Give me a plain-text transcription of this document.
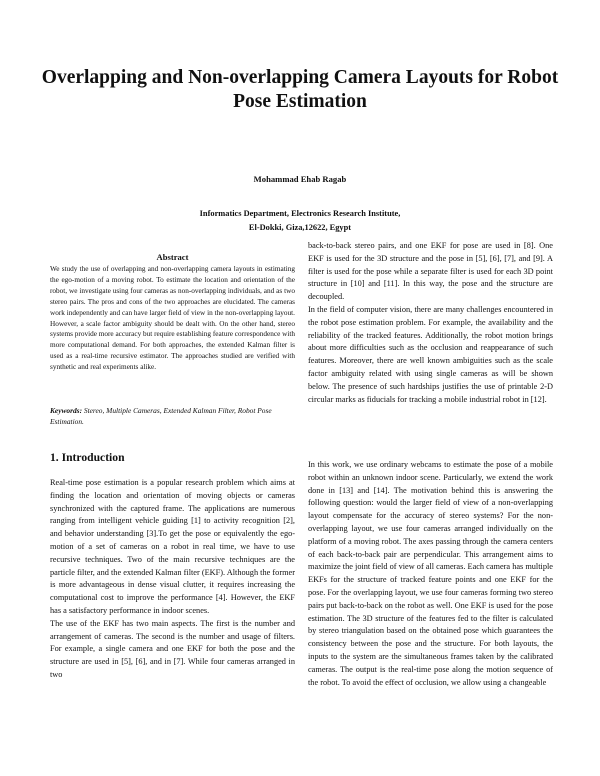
Overlapping and Non-overlapping Camera Layouts for Robot Pose Estimation
Mohammad Ehab Ragab
Informatics Department, Electronics Research Institute,
El-Dokki, Giza,12622, Egypt
Abstract

We study the use of overlapping and non-overlapping camera layouts in estimating the ego-motion of a moving robot. To estimate the location and orientation of the robot, we investigate using four cameras as non-overlapping individuals, and as two stereo pairs. The pros and cons of the two approaches are elucidated. The cameras work independently and can have larger field of view in the non-overlapping layout. However, a scale factor ambiguity should be dealt with. On the other hand, stereo systems provide more accuracy but require establishing feature correspondence with more computational demand. For both approaches, the extended Kalman filter is used as a real-time recursive estimator. The approaches studied are verified with synthetic and real experiments alike.

Keywords: Stereo, Multiple Cameras, Extended Kalman Filter, Robot Pose Estimation.

1. Introduction

Real-time pose estimation is a popular research problem which aims at finding the location and orientation of moving objects or cameras synchronized with the captured frame. The applications are numerous ranging from intelligent vehicle guiding [1] to activity recognition [2], and behavior understanding [3].To get the pose or equivalently the ego-motion of a set of cameras on a robot in real time, we have to use recursive techniques. Two of the main recursive techniques are the particle filter, and the extended Kalman filter (EKF). Although the former is more advantageous in dense visual clutter, it requires increasing the computational cost to improve the performance [4]. However, the EKF has a satisfactory performance in indoor scenes.

The use of the EKF has two main aspects. The first is the number and arrangement of cameras. The second is the number and usage of filters. For example, a single camera and one EKF for both the pose and the structure are used in [5], [6], and in [7]. While four cameras arranged in two

back-to-back stereo pairs, and one EKF for pose are used in [8]. One EKF is used for the 3D structure and the pose in [5], [6], [7], and [9]. A filter is used for the pose while a separate filter is used for each 3D point structure in [10] and [11]. In this way, the pose and the structure are decoupled.

In the field of computer vision, there are many challenges encountered in the robot pose estimation problem. For example, the availability and the reliability of the tracked features. Additionally, the robot motion brings about more difficulties such as the occlusion and reappearance of such features. Moreover, there are well known ambiguities such as the scale factor ambiguity related with using single cameras as will be shown below. The presence of such hardships justifies the use of printable 2-D circular marks as fiducials for tracking a mobile industrial robot in [12].

In this work, we use ordinary webcams to estimate the pose of a mobile robot within an unknown indoor scene. Particularly, we extend the work done in [13] and [14]. The motivation behind this is answering the following question: would the larger field of view of a non-overlapping layout compensate for the accuracy of stereo systems? For the non-overlapping layout, we use four cameras arranged individually on the platform of a moving robot. The axes passing through the camera centers of each back-to-back pair are perpendicular. This arrangement aims to maximize the joint field of view of all cameras. Each camera has multiple EKFs for the structure of tracked feature points and one EKF for the pose. For the overlapping layout, we use four cameras forming two stereo pairs put back-to-back on the robot as well. One EKF is used for the pose estimation. The 3D structure of the features fed to the filter is calculated by stereo triangulation based on the obtained pose which guarantees the consistency between the pose and the structure. For both layouts, the inputs to the system are the simultaneous frames taken by the calibrated cameras. The output is the real-time pose along the motion sequence of the robot. To avoid the effect of occlusion, we allow using a changeable
